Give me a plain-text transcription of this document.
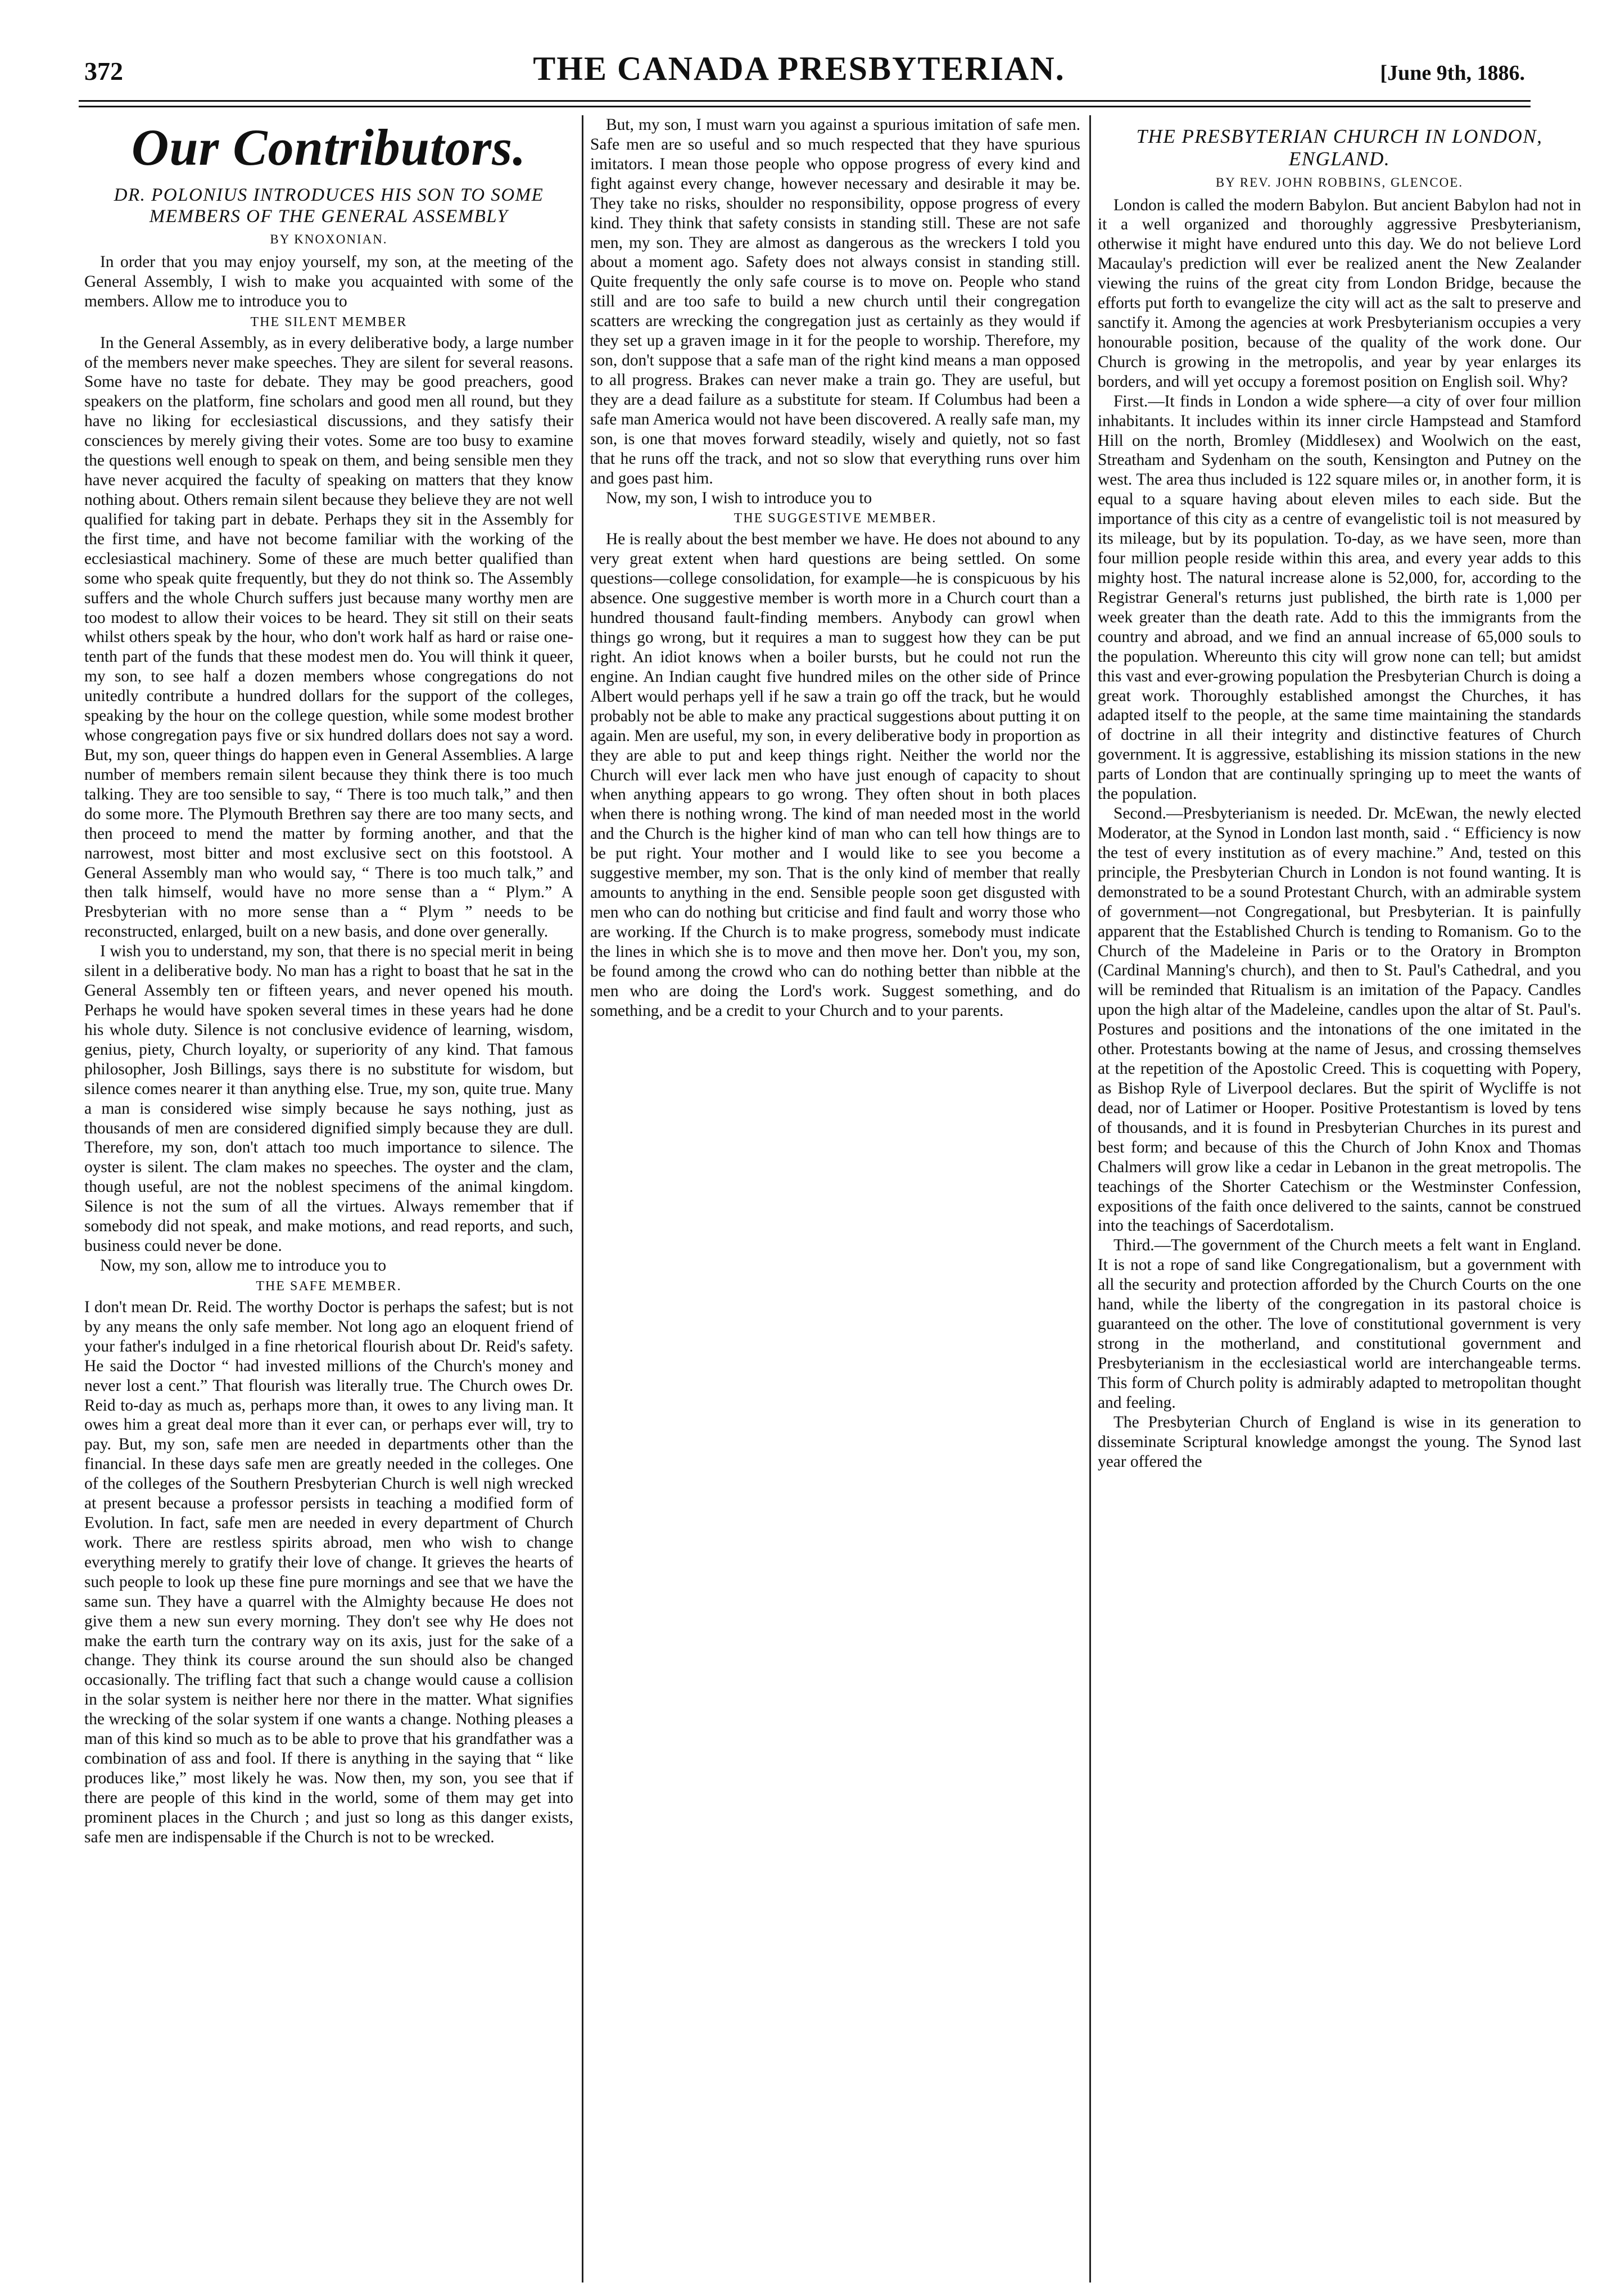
372	THE CANADA PRESBYTERIAN.	[June 9th, 1886.
Our Contributors.
DR. POLONIUS INTRODUCES HIS SON TO SOME MEMBERS OF THE GENERAL ASSEMBLY
BY KNOXONIAN.

In order that you may enjoy yourself, my son, at the meeting of the General Assembly, I wish to make you acquainted with some of the members. Allow me to introduce you to

THE SILENT MEMBER

In the General Assembly, as in every deliberative body, a large number of the members never make speeches. They are silent for several reasons. Some have no taste for debate. They may be good preachers, good speakers on the platform, fine scholars and good men all round, but they have no liking for ecclesiastical discussions, and they satisfy their consciences by merely giving their votes. Some are too busy to examine the questions well enough to speak on them, and being sensible men they have never acquired the faculty of speaking on matters that they know nothing about. Others remain silent because they believe they are not well qualified for taking part in debate. Perhaps they sit in the Assembly for the first time, and have not become familiar with the working of the ecclesiastical machinery. Some of these are much better qualified than some who speak quite frequently, but they do not think so. The Assembly suffers and the whole Church suffers just because many worthy men are too modest to allow their voices to be heard. They sit still on their seats whilst others speak by the hour, who don't work half as hard or raise one-tenth part of the funds that these modest men do. You will think it queer, my son, to see half a dozen members whose congregations do not unitedly contribute a hundred dollars for the support of the colleges, speaking by the hour on the college question, while some modest brother whose congregation pays five or six hundred dollars does not say a word. But, my son, queer things do happen even in General Assemblies. A large number of members remain silent because they think there is too much talking. They are too sensible to say, “ There is too much talk,” and then do some more. The Plymouth Brethren say there are too many sects, and then proceed to mend the matter by forming another, and that the narrowest, most bitter and most exclusive sect on this footstool. A General Assembly man who would say, “ There is too much talk,” and then talk himself, would have no more sense than a “ Plym.” A Presbyterian with no more sense than a “ Plym ” needs to be reconstructed, enlarged, built on a new basis, and done over generally.

I wish you to understand, my son, that there is no special merit in being silent in a deliberative body. No man has a right to boast that he sat in the General Assembly ten or fifteen years, and never opened his mouth. Perhaps he would have spoken several times in these years had he done his whole duty. Silence is not conclusive evidence of learning, wisdom, genius, piety, Church loyalty, or superiority of any kind. That famous philosopher, Josh Billings, says there is no substitute for wisdom, but silence comes nearer it than anything else. True, my son, quite true. Many a man is considered wise simply because he says nothing, just as thousands of men are considered dignified simply because they are dull. Therefore, my son, don't attach too much importance to silence. The oyster is silent. The clam makes no speeches. The oyster and the clam, though useful, are not the noblest specimens of the animal kingdom. Silence is not the sum of all the virtues. Always remember that if somebody did not speak, and make motions, and read reports, and such, business could never be done.

Now, my son, allow me to introduce you to

THE SAFE MEMBER.

I don't mean Dr. Reid. The worthy Doctor is perhaps the safest; but is not by any means the only safe member. Not long ago an eloquent friend of your father's indulged in a fine rhetorical flourish about Dr. Reid's safety. He said the Doctor “ had invested millions of the Church's money and never lost a cent.” That flourish was literally true. The Church owes Dr. Reid to-day as much as, perhaps more than, it owes to any living man. It owes him a great deal more than it ever can, or perhaps ever will, try to pay. But, my son, safe men are needed in departments other than the financial. In these days safe men are greatly needed in the colleges. One of the colleges of the Southern Presbyterian Church is well nigh wrecked at present because a professor persists in teaching a modified form of Evolution. In fact, safe men are needed in every department of Church work. There are restless spirits abroad, men who wish to change everything merely to gratify their love of change. It grieves the hearts of such people to look up these fine pure mornings and see that we have the same sun. They have a quarrel with the Almighty because He does not give them a new sun every morning. They don't see why He does not make the earth turn the contrary way on its axis, just for the sake of a change. They think its course around the sun should also be changed occasionally. The trifling fact that such a change would cause a collision in the solar system is neither here nor there in the matter. What signifies the wrecking of the solar system if one wants a change. Nothing pleases a man of this kind so much as to be able to prove that his grandfather was a combination of ass and fool. If there is anything in the saying that “ like produces like,” most likely he was. Now then, my son, you see that if there are people of this kind in the world, some of them may get into prominent places in the Church ; and just so long as this danger exists, safe men are indispensable if the Church is not to be wrecked.

But, my son, I must warn you against a spurious imitation of safe men. Safe men are so useful and so much respected that they have spurious imitators. I mean those people who oppose progress of every kind and fight against every change, however necessary and desirable it may be. They take no risks, shoulder no responsibility, oppose progress of every kind. They think that safety consists in standing still. These are not safe men, my son. They are almost as dangerous as the wreckers I told you about a moment ago. Safety does not always consist in standing still. Quite frequently the only safe course is to move on. People who stand still and are too safe to build a new church until their congregation scatters are wrecking the congregation just as certainly as they would if they set up a graven image in it for the people to worship. Therefore, my son, don't suppose that a safe man of the right kind means a man opposed to all progress. Brakes can never make a train go. They are useful, but they are a dead failure as a substitute for steam. If Columbus had been a safe man America would not have been discovered. A really safe man, my son, is one that moves forward steadily, wisely and quietly, not so fast that he runs off the track, and not so slow that everything runs over him and goes past him.

Now, my son, I wish to introduce you to

THE SUGGESTIVE MEMBER.

He is really about the best member we have. He does not abound to any very great extent when hard questions are being settled. On some questions—college consolidation, for example—he is conspicuous by his absence. One suggestive member is worth more in a Church court than a hundred thousand fault-finding members. Anybody can growl when things go wrong, but it requires a man to suggest how they can be put right. An idiot knows when a boiler bursts, but he could not run the engine. An Indian caught five hundred miles on the other side of Prince Albert would perhaps yell if he saw a train go off the track, but he would probably not be able to make any practical suggestions about putting it on again. Men are useful, my son, in every deliberative body in proportion as they are able to put and keep things right. Neither the world nor the Church will ever lack men who have just enough of capacity to shout when anything appears to go wrong. They often shout in both places when there is nothing wrong. The kind of man needed most in the world and the Church is the higher kind of man who can tell how things are to be put right. Your mother and I would like to see you become a suggestive member, my son. That is the only kind of member that really amounts to anything in the end. Sensible people soon get disgusted with men who can do nothing but criticise and find fault and worry those who are working. If the Church is to make progress, somebody must indicate the lines in which she is to move and then move her. Don't you, my son, be found among the crowd who can do nothing better than nibble at the men who are doing the Lord's work. Suggest something, and do something, and be a credit to your Church and to your parents.

THE PRESBYTERIAN CHURCH IN LONDON, ENGLAND.
BY REV. JOHN ROBBINS, GLENCOE.

London is called the modern Babylon. But ancient Babylon had not in it a well organized and thoroughly aggressive Presbyterianism, otherwise it might have endured unto this day. We do not believe Lord Macaulay's prediction will ever be realized anent the New Zealander viewing the ruins of the great city from London Bridge, because the efforts put forth to evangelize the city will act as the salt to preserve and sanctify it. Among the agencies at work Presbyterianism occupies a very honourable position, because of the quality of the work done. Our Church is growing in the metropolis, and year by year enlarges its borders, and will yet occupy a foremost position on English soil. Why?

First.—It finds in London a wide sphere—a city of over four million inhabitants. It includes within its inner circle Hampstead and Stamford Hill on the north, Bromley (Middlesex) and Woolwich on the east, Streatham and Sydenham on the south, Kensington and Putney on the west. The area thus included is 122 square miles or, in another form, it is equal to a square having about eleven miles to each side. But the importance of this city as a centre of evangelistic toil is not measured by its mileage, but by its population. To-day, as we have seen, more than four million people reside within this area, and every year adds to this mighty host. The natural increase alone is 52,000, for, according to the Registrar General's returns just published, the birth rate is 1,000 per week greater than the death rate. Add to this the immigrants from the country and abroad, and we find an annual increase of 65,000 souls to the population. Whereunto this city will grow none can tell; but amidst this vast and ever-growing population the Presbyterian Church is doing a great work. Thoroughly established amongst the Churches, it has adapted itself to the people, at the same time maintaining the standards of doctrine in all their integrity and distinctive features of Church government. It is aggressive, establishing its mission stations in the new parts of London that are continually springing up to meet the wants of the population.

Second.—Presbyterianism is needed. Dr. McEwan, the newly elected Moderator, at the Synod in London last month, said . “ Efficiency is now the test of every institution as of every machine.” And, tested on this principle, the Presbyterian Church in London is not found wanting. It is demonstrated to be a sound Protestant Church, with an admirable system of government—not Congregational, but Presbyterian. It is painfully apparent that the Established Church is tending to Romanism. Go to the Church of the Madeleine in Paris or to the Oratory in Brompton (Cardinal Manning's church), and then to St. Paul's Cathedral, and you will be reminded that Ritualism is an imitation of the Papacy. Candles upon the high altar of the Madeleine, candles upon the altar of St. Paul's. Postures and positions and the intonations of the one imitated in the other. Protestants bowing at the name of Jesus, and crossing themselves at the repetition of the Apostolic Creed. This is coquetting with Popery, as Bishop Ryle of Liverpool declares. But the spirit of Wycliffe is not dead, nor of Latimer or Hooper. Positive Protestantism is loved by tens of thousands, and it is found in Presbyterian Churches in its purest and best form; and because of this the Church of John Knox and Thomas Chalmers will grow like a cedar in Lebanon in the great metropolis. The teachings of the Shorter Catechism or the Westminster Confession, expositions of the faith once delivered to the saints, cannot be construed into the teachings of Sacerdotalism.

Third.—The government of the Church meets a felt want in England. It is not a rope of sand like Congregationalism, but a government with all the security and protection afforded by the Church Courts on the one hand, while the liberty of the congregation in its pastoral choice is guaranteed on the other. The love of constitutional government is very strong in the motherland, and constitutional government and Presbyterianism in the ecclesiastical world are interchangeable terms. This form of Church polity is admirably adapted to metropolitan thought and feeling.

The Presbyterian Church of England is wise in its generation to disseminate Scriptural knowledge amongst the young. The Synod last year offered the
